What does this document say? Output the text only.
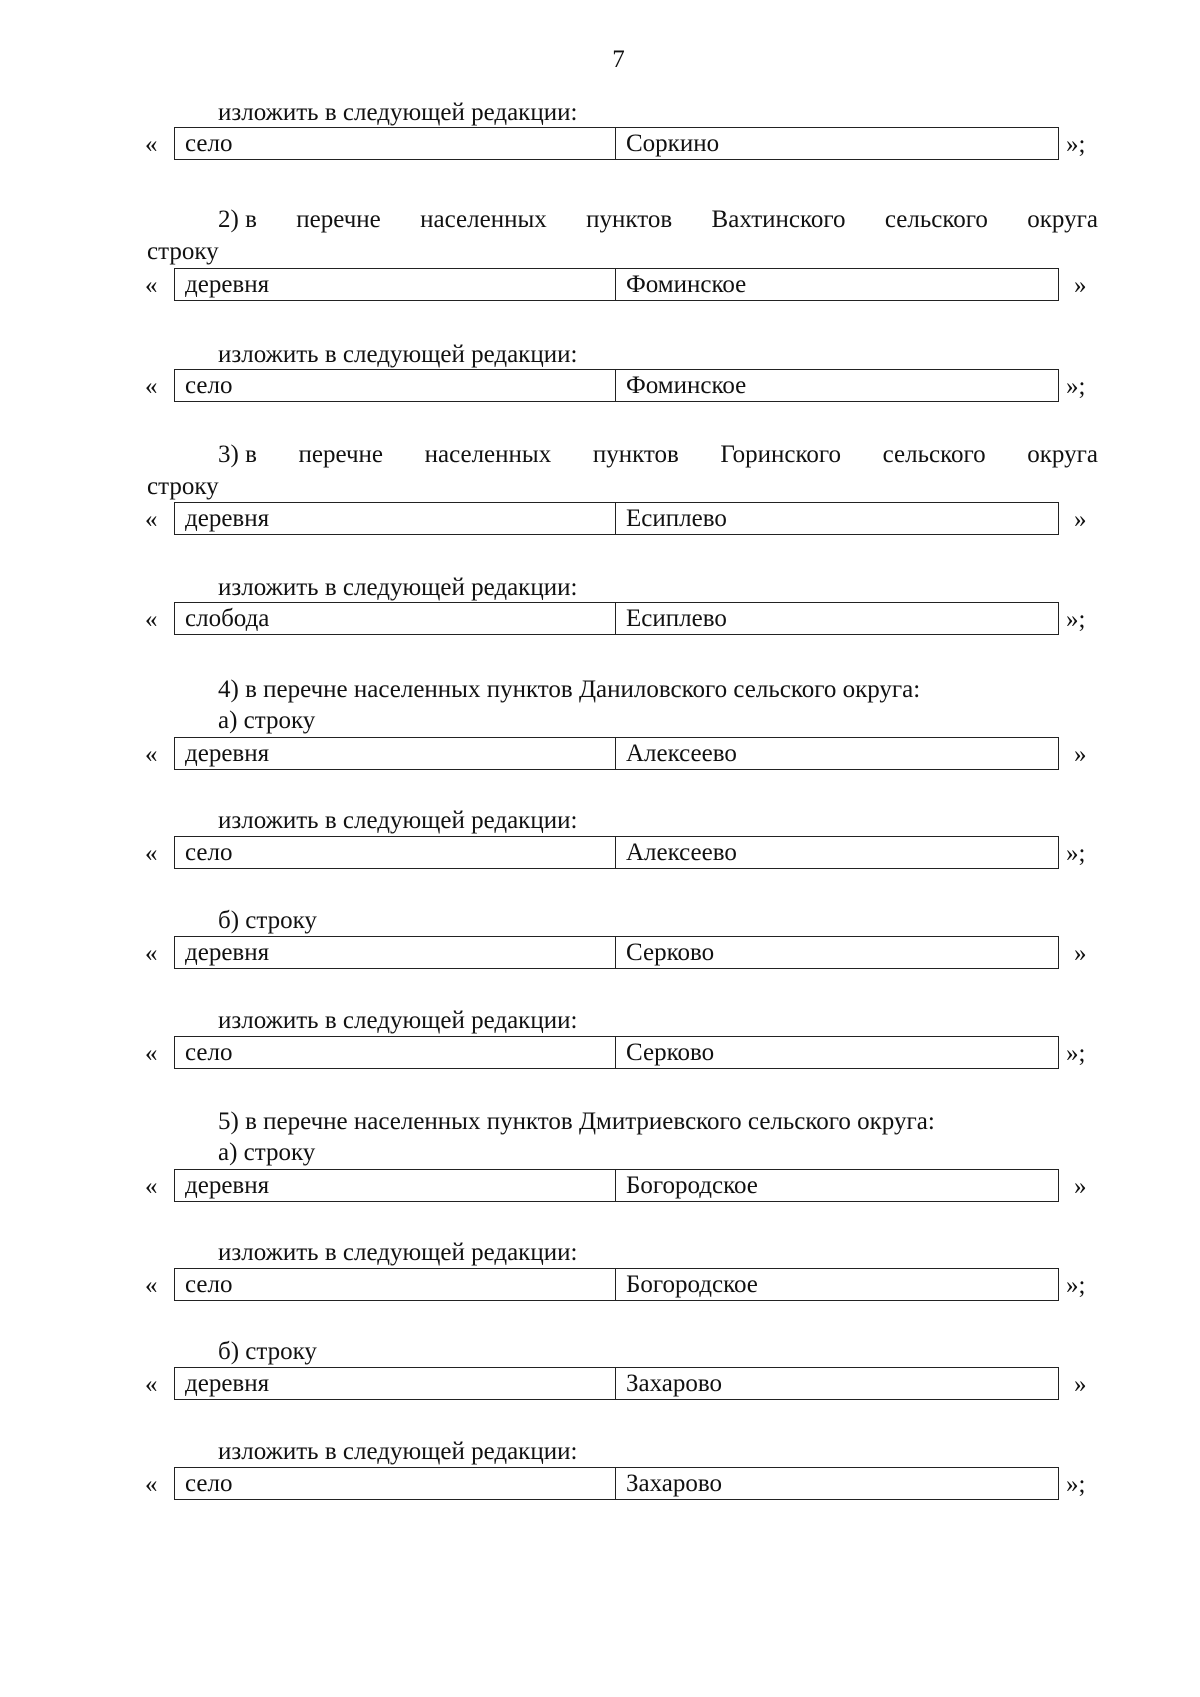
7
изложить в следующей редакции:
«	село	Соркино	»;
2) в перечне населенных пунктов Вахтинского сельского округа
строку
«	деревня	Фоминское	»
изложить в следующей редакции:
«	село	Фоминское	»;
3) в перечне населенных пунктов Горинского сельского округа
строку
«	деревня	Есиплево	»
изложить в следующей редакции:
«	слобода	Есиплево	»;
4) в перечне населенных пунктов Даниловского сельского округа:
а) строку
«	деревня	Алексеево	»
изложить в следующей редакции:
«	село	Алексеево	»;
б) строку
«	деревня	Серково	»
изложить в следующей редакции:
«	село	Серково	»;
5) в перечне населенных пунктов Дмитриевского сельского округа:
а) строку
«	деревня	Богородское	»
изложить в следующей редакции:
«	село	Богородское	»;
б) строку
«	деревня	Захарово	»
изложить в следующей редакции:
«	село	Захарово	»;
